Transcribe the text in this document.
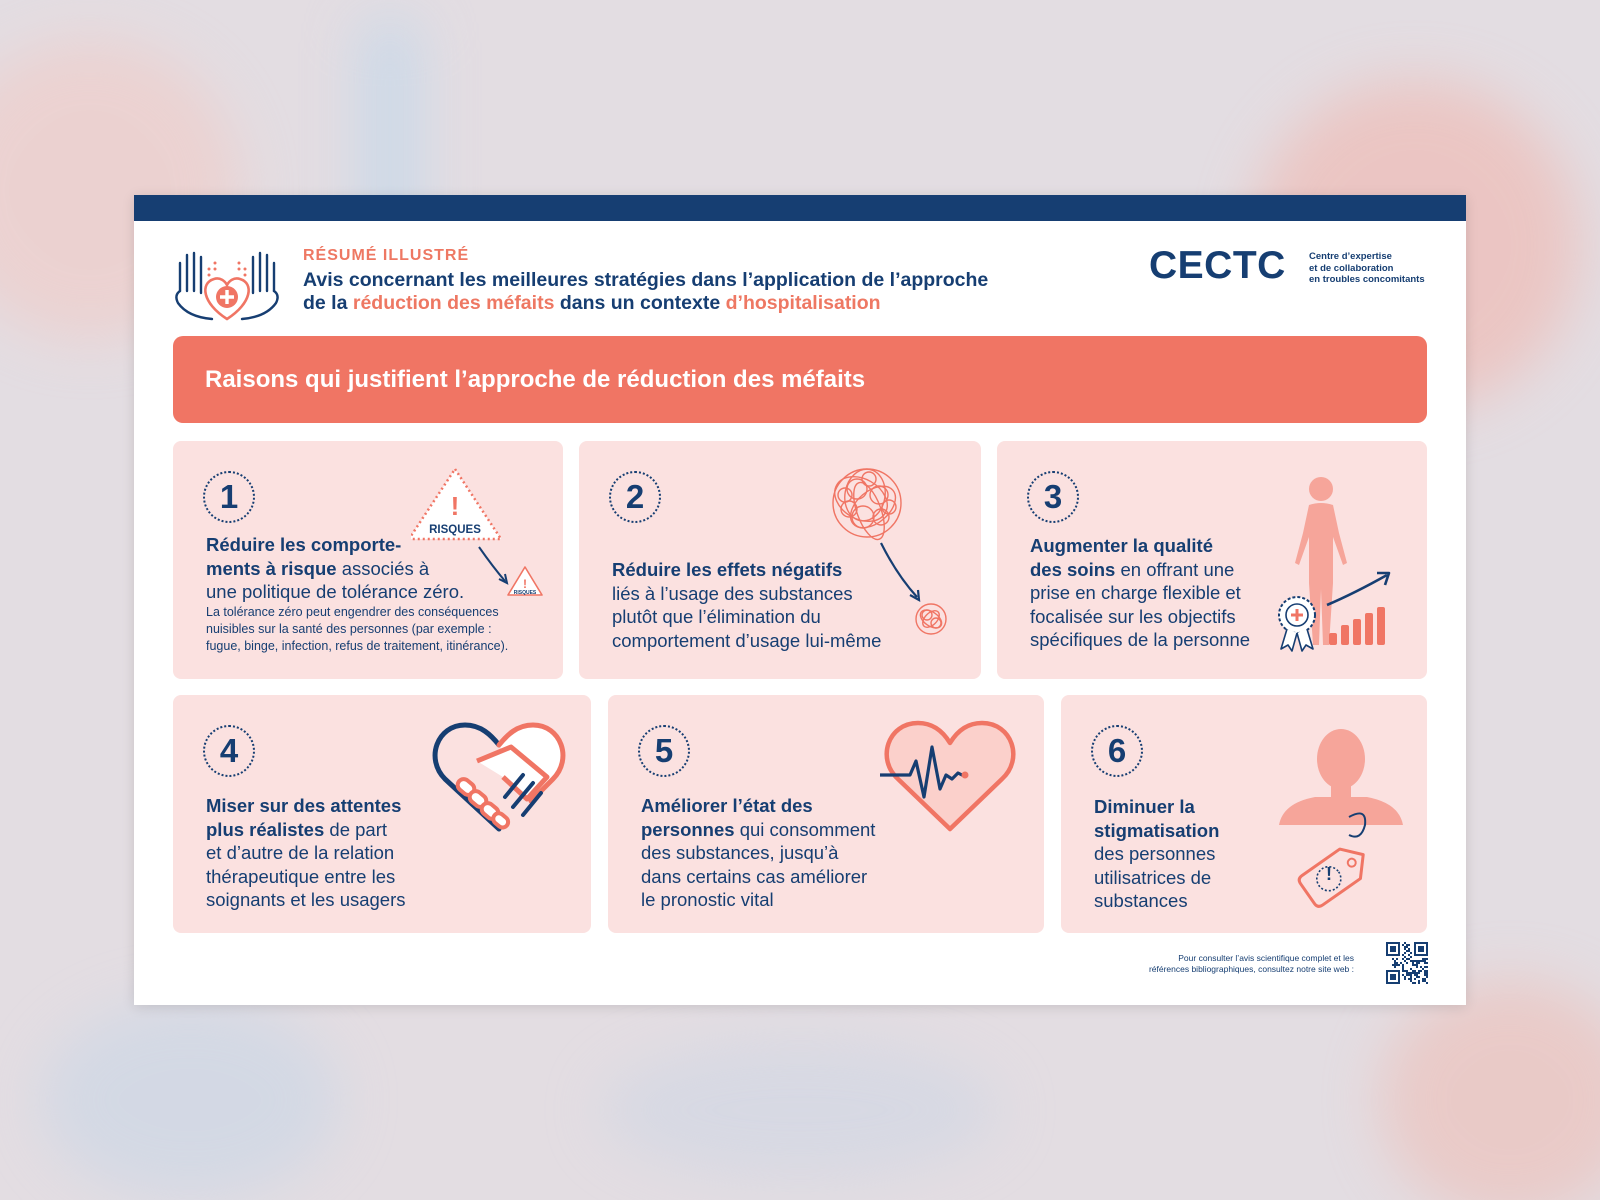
RÉSUMÉ ILLUSTRÉ
Avis concernant les meilleures stratégies dans l’application de l’approche
de la réduction des méfaits dans un contexte d’hospitalisation
CECTC Centre d’expertise
et de collaboration
en troubles concomitants
Raisons qui justifient l’approche de réduction des méfaits
1	!
RISQUES
!
RISQUES
Réduire les comporte-
ments à risque associés à
une politique de tolérance zéro.
La tolérance zéro peut engendrer des conséquences
nuisibles sur la santé des personnes (par exemple :
fugue, binge, infection, refus de traitement, itinérance).
2
Réduire les effets négatifs
liés à l’usage des substances
plutôt que l’élimination du
comportement d’usage lui-même
3
Augmenter la qualité
des soins en offrant une
prise en charge flexible et
focalisée sur les objectifs
spécifiques de la personne
4
Miser sur des attentes
plus réalistes de part
et d’autre de la relation
thérapeutique entre les
soignants et les usagers
5
Améliorer l’état des
personnes qui consomment
des substances, jusqu’à
dans certains cas améliorer
le pronostic vital
6
!
Diminuer la
stigmatisation
des personnes
utilisatrices de
substances
Pour consulter l’avis scientifique complet et les
références bibliographiques, consultez notre site web :
